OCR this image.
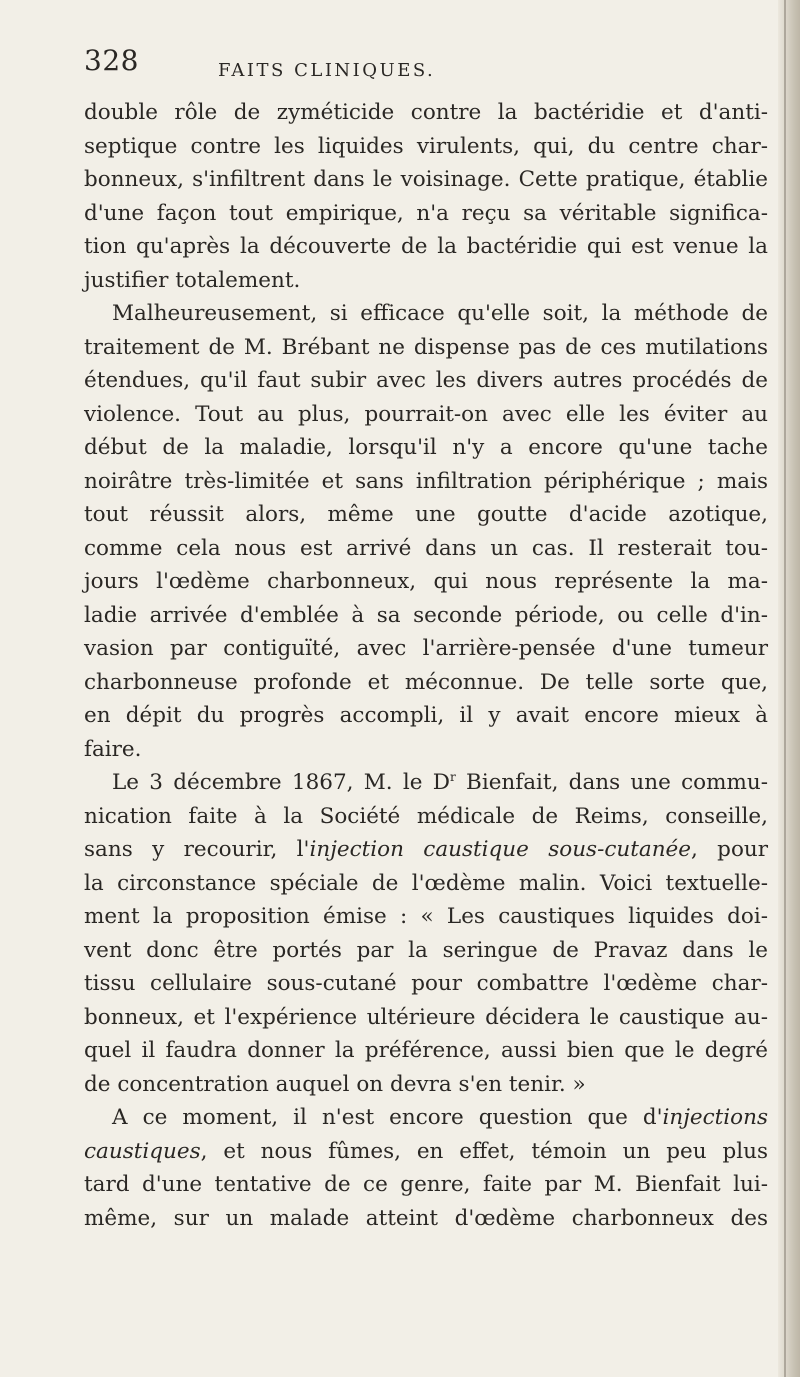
328	FAITS CLINIQUES.
double rôle de zyméticide contre la bactéridie et d'anti-
septique contre les liquides virulents, qui, du centre char-
bonneux, s'infiltrent dans le voisinage. Cette pratique, établie
d'une façon tout empirique, n'a reçu sa véritable significa-
tion qu'après la découverte de la bactéridie qui est venue la
justifier totalement.
Malheureusement, si efficace qu'elle soit, la méthode de
traitement de M. Brébant ne dispense pas de ces mutilations
étendues, qu'il faut subir avec les divers autres procédés de
violence. Tout au plus, pourrait-on avec elle les éviter au
début de la maladie, lorsqu'il n'y a encore qu'une tache
noirâtre très-limitée et sans infiltration périphérique ; mais
tout réussit alors, même une goutte d'acide azotique,
comme cela nous est arrivé dans un cas. Il resterait tou-
jours l'œdème charbonneux, qui nous représente la ma-
ladie arrivée d'emblée à sa seconde période, ou celle d'in-
vasion par contiguïté, avec l'arrière-pensée d'une tumeur
charbonneuse profonde et méconnue. De telle sorte que,
en dépit du progrès accompli, il y avait encore mieux à
faire.
Le 3 décembre 1867, M. le $D^r$ Bienfait, dans une commu-
nication faite à la Société médicale de Reims, conseille,
sans y recourir, l'injection caustique sous-cutanée, pour
la circonstance spéciale de l'œdème malin. Voici textuelle-
ment la proposition émise : « Les caustiques liquides doi-
vent donc être portés par la seringue de Pravaz dans le
tissu cellulaire sous-cutané pour combattre l'œdème char-
bonneux, et l'expérience ultérieure décidera le caustique au-
quel il faudra donner la préférence, aussi bien que le degré
de concentration auquel on devra s'en tenir. »
A ce moment, il n'est encore question que d'injections
caustiques, et nous fûmes, en effet, témoin un peu plus
tard d'une tentative de ce genre, faite par M. Bienfait lui-
même, sur un malade atteint d'œdème charbonneux des
